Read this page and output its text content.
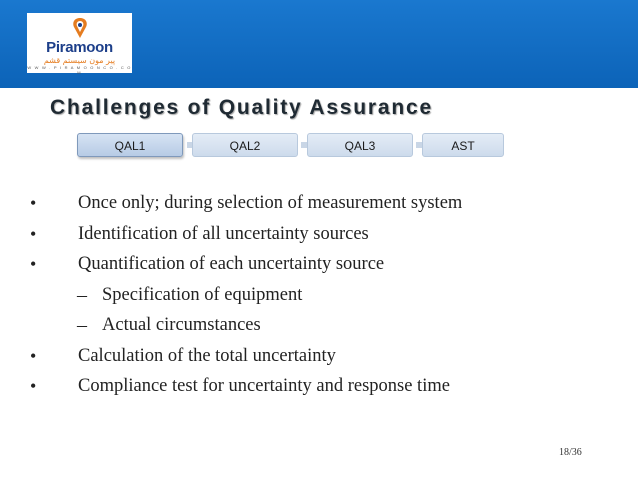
Piramoon
پیر مون سیستم قشم
W W W . P I R A M O O N C O . C O M
Challenges of Quality Assurance
QAL1	QAL2	QAL3	AST
• Once only; during selection of measurement system
• Identification of all uncertainty sources
• Quantification of each uncertainty source
– Specification of equipment
– Actual circumstances
• Calculation of the total uncertainty
• Compliance test for uncertainty and response time
18/36
